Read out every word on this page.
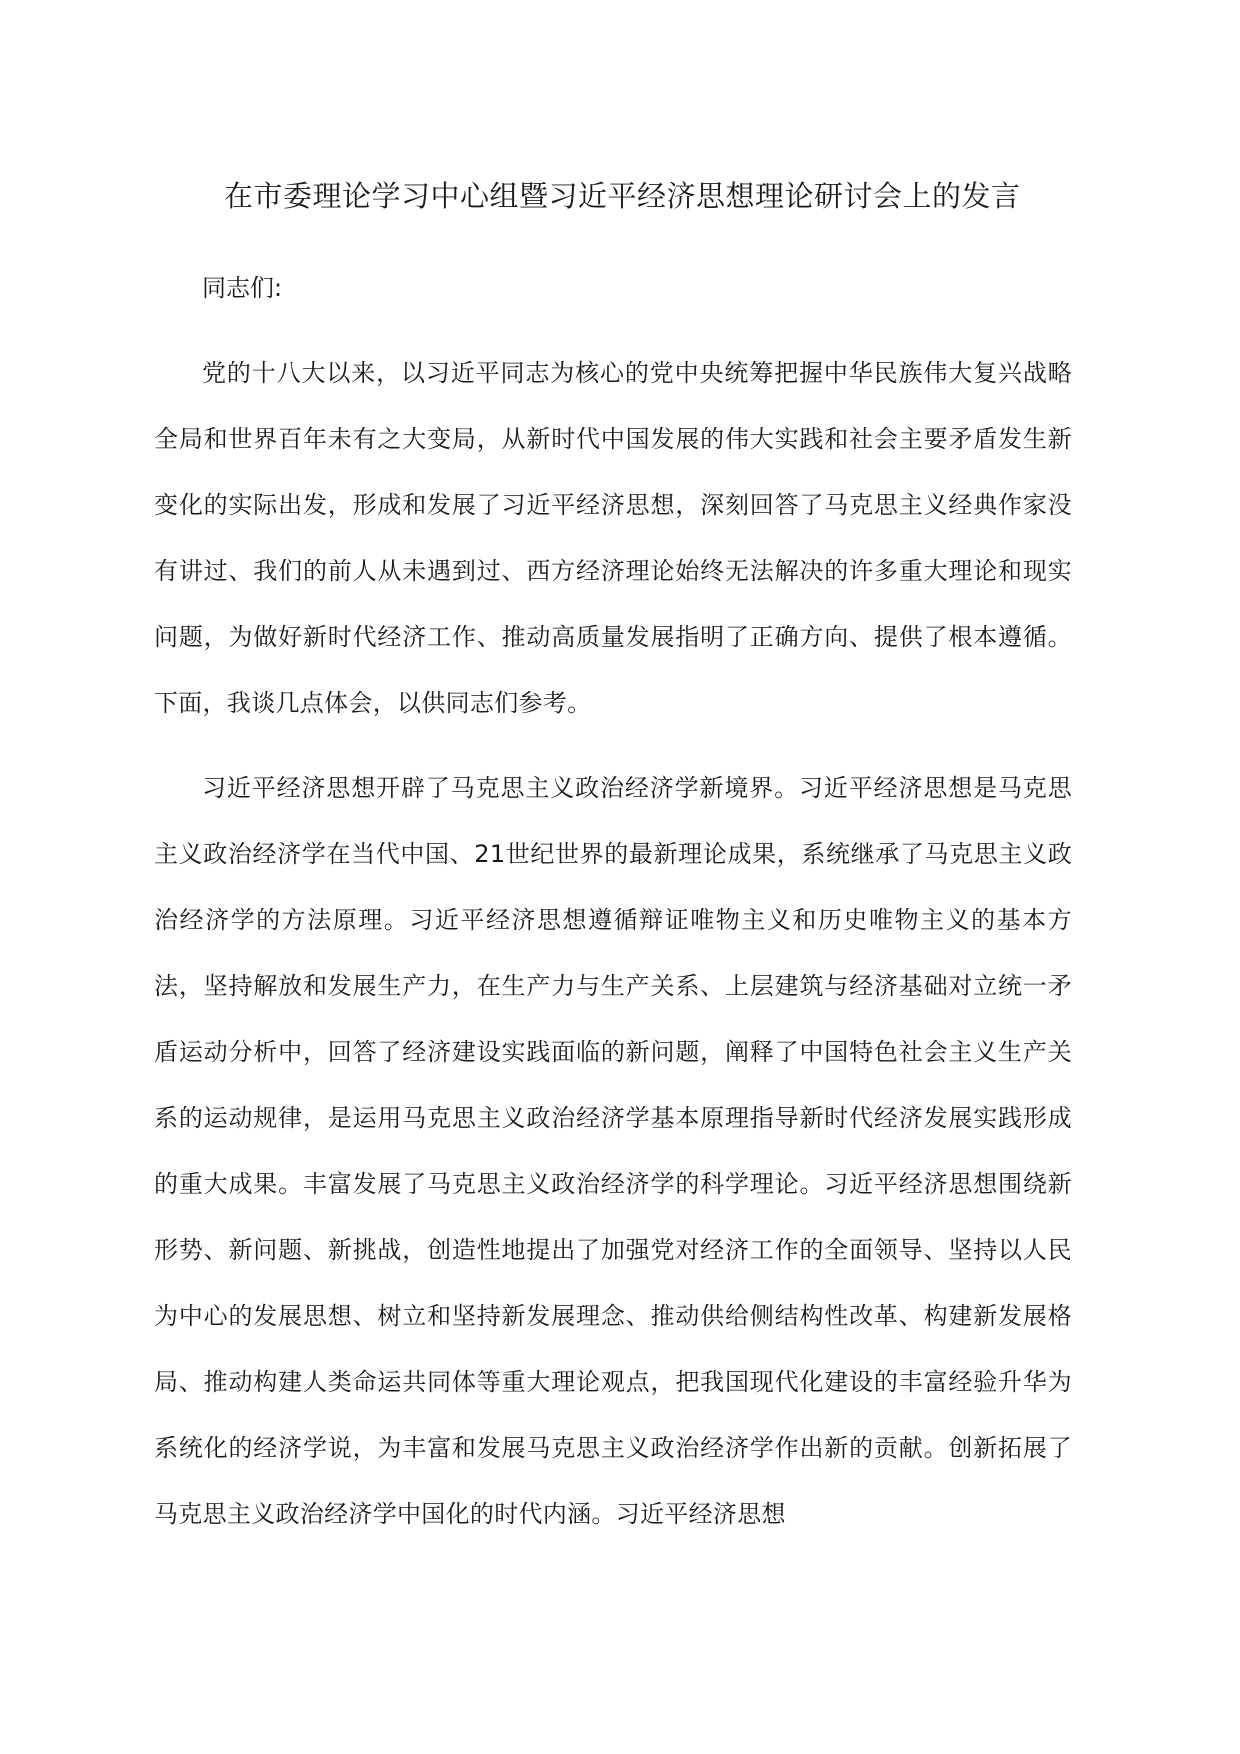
在市委理论学习中心组暨习近平经济思想理论研讨会上的发言

同志们:

党的十八大以来，以习近平同志为核心的党中央统筹把握中华民族伟大复兴战略全局和世界百年未有之大变局，从新时代中国发展的伟大实践和社会主要矛盾发生新变化的实际出发，形成和发展了习近平经济思想，深刻回答了马克思主义经典作家没有讲过、我们的前人从未遇到过、西方经济理论始终无法解决的许多重大理论和现实问题，为做好新时代经济工作、推动高质量发展指明了正确方向、提供了根本遵循。下面，我谈几点体会，以供同志们参考。

习近平经济思想开辟了马克思主义政治经济学新境界。习近平经济思想是马克思主义政治经济学在当代中国、21世纪世界的最新理论成果，系统继承了马克思主义政治经济学的方法原理。习近平经济思想遵循辩证唯物主义和历史唯物主义的基本方法，坚持解放和发展生产力，在生产力与生产关系、上层建筑与经济基础对立统一矛盾运动分析中，回答了经济建设实践面临的新问题，阐释了中国特色社会主义生产关系的运动规律，是运用马克思主义政治经济学基本原理指导新时代经济发展实践形成的重大成果。丰富发展了马克思主义政治经济学的科学理论。习近平经济思想围绕新形势、新问题、新挑战，创造性地提出了加强党对经济工作的全面领导、坚持以人民为中心的发展思想、树立和坚持新发展理念、推动供给侧结构性改革、构建新发展格局、推动构建人类命运共同体等重大理论观点，把我国现代化建设的丰富经验升华为系统化的经济学说，为丰富和发展马克思主义政治经济学作出新的贡献。创新拓展了马克思主义政治经济学中国化的时代内涵。习近平经济思想
